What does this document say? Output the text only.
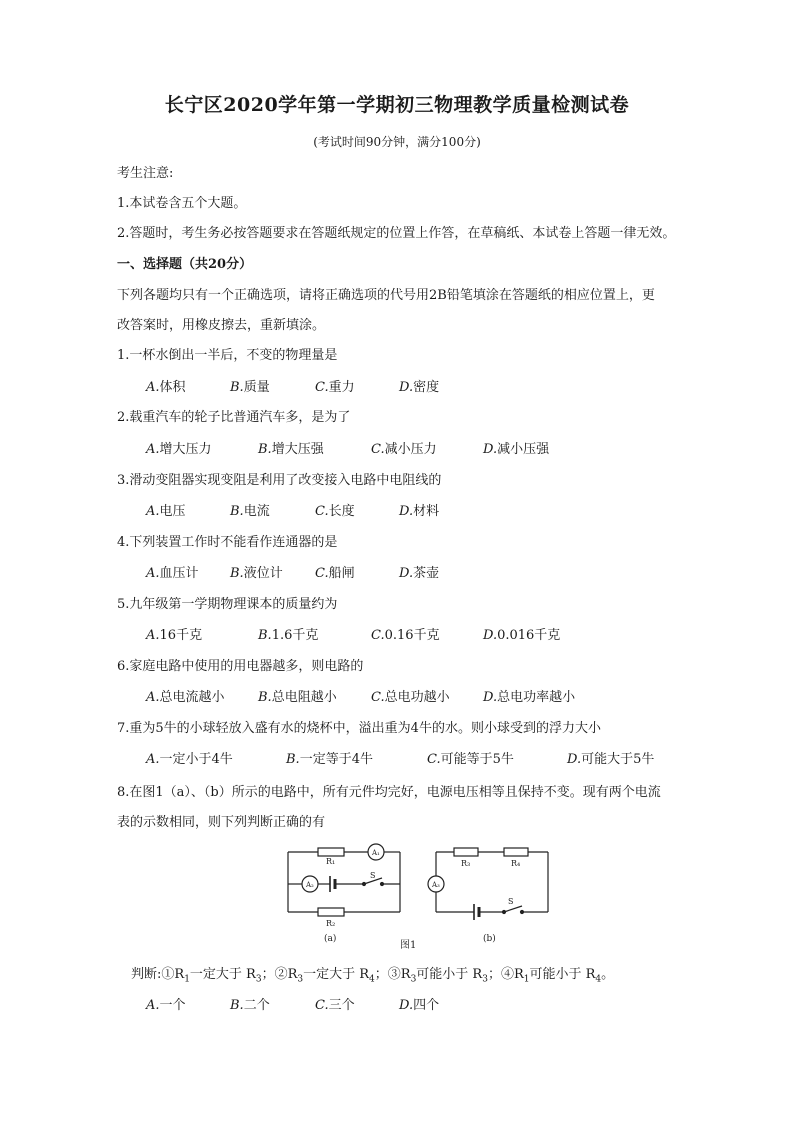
长宁区2020学年第一学期初三物理教学质量检测试卷
(考试时间90分钟，满分100分)
考生注意:
1.本试卷含五个大题。
2.答题时，考生务必按答题要求在答题纸规定的位置上作答，在草稿纸、本试卷上答题一律无效。
一、选择题（共20分）
下列各题均只有一个正确选项，请将正确选项的代号用2B铅笔填涂在答题纸的相应位置上，更
改答案时，用橡皮擦去，重新填涂。
1.一杯水倒出一半后，不变的物理量是
A.体积	B.质量	C.重力	D.密度
2.载重汽车的轮子比普通汽车多，是为了
A.增大压力	B.增大压强	C.减小压力	D.减小压强
3.滑动变阻器实现变阻是利用了改变接入电路中电阻线的
A.电压	B.电流	C.长度	D.材料
4.下列装置工作时不能看作连通器的是
A.血压计 B.液位计 C.船闸	D.茶壶
5.九年级第一学期物理课本的质量约为
A.16千克	B.1.6千克	C.0.16千克	D.0.016千克
6.家庭电路中使用的用电器越多，则电路的
A.总电流越小	B.总电阻越小	C.总电功越小	D.总电功率越小
7.重为5牛的小球轻放入盛有水的烧杯中，溢出重为4牛的水。则小球受到的浮力大小
A.一定小于4牛	B.一定等于4牛	C.可能等于5牛	D.可能大于5牛
8.在图1（a）、（b）所示的电路中，所有元件均完好，电源电压相等且保持不变。现有两个电流
表的示数相同，则下列判断正确的有
R₁
A₁
A₂
S
R₂
(a)
R₃	R₄
A₃
S
(b)
图1
判断$:①R_1$一定大于 $R_3$；$②R_3$一定大于 $R_4$；$③R_3$可能小于 $R_3$；$④R_1$可能小于 $R_4$。
A.一个	B.二个	C.三个	D.四个
